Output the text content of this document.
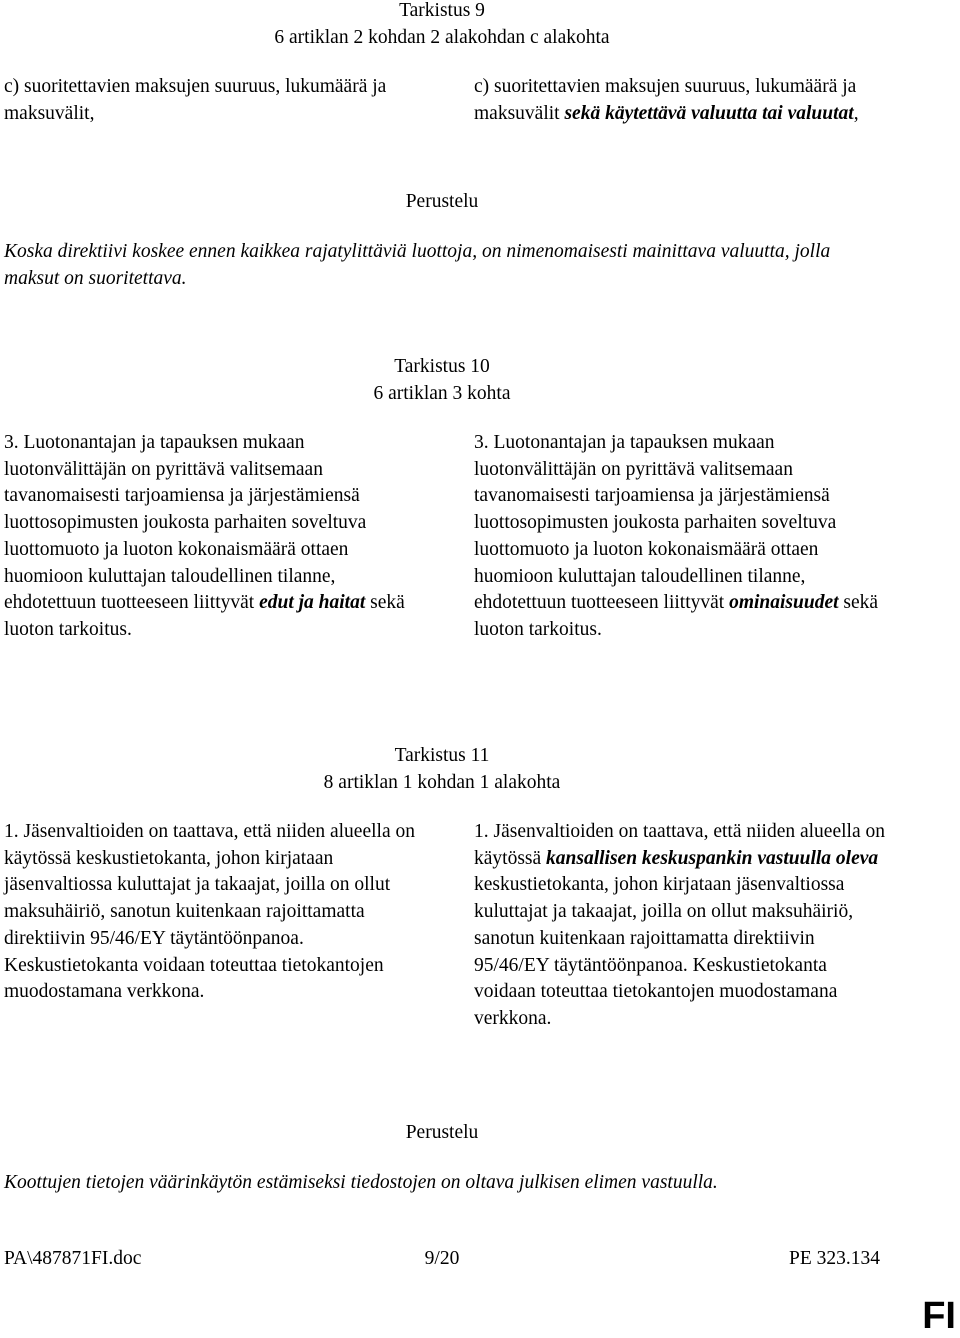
Tarkistus 9
6 artiklan 2 kohdan 2 alakohdan c alakohta
c) suoritettavien maksujen suuruus, lukumäärä ja maksuvälit,
c) suoritettavien maksujen suuruus, lukumäärä ja maksuvälit sekä käytettävä valuutta tai valuutat,
Perustelu
Koska direktiivi koskee ennen kaikkea rajatylittäviä luottoja, on nimenomaisesti mainittava valuutta, jolla maksut on suoritettava.
Tarkistus 10
6 artiklan 3 kohta
3. Luotonantajan ja tapauksen mukaan luotonvälittäjän on pyrittävä valitsemaan tavanomaisesti tarjoamiensa ja järjestämiensä luottosopimusten joukosta parhaiten soveltuva luottomuoto ja luoton kokonaismäärä ottaen huomioon kuluttajan taloudellinen tilanne, ehdotettuun tuotteeseen liittyvät edut ja haitat sekä luoton tarkoitus.
3. Luotonantajan ja tapauksen mukaan luotonvälittäjän on pyrittävä valitsemaan tavanomaisesti tarjoamiensa ja järjestämiensä luottosopimusten joukosta parhaiten soveltuva luottomuoto ja luoton kokonaismäärä ottaen huomioon kuluttajan taloudellinen tilanne, ehdotettuun tuotteeseen liittyvät ominaisuudet sekä luoton tarkoitus.
Tarkistus 11
8 artiklan 1 kohdan 1 alakohta
1. Jäsenvaltioiden on taattava, että niiden alueella on käytössä keskustietokanta, johon kirjataan jäsenvaltiossa kuluttajat ja takaajat, joilla on ollut maksuhäiriö, sanotun kuitenkaan rajoittamatta direktiivin 95/46/EY täytäntöönpanoa. Keskustietokanta voidaan toteuttaa tietokantojen muodostamana verkkona.
1. Jäsenvaltioiden on taattava, että niiden alueella on käytössä kansallisen keskuspankin vastuulla oleva keskustietokanta, johon kirjataan jäsenvaltiossa kuluttajat ja takaajat, joilla on ollut maksuhäiriö, sanotun kuitenkaan rajoittamatta direktiivin 95/46/EY täytäntöönpanoa. Keskustietokanta voidaan toteuttaa tietokantojen muodostamana verkkona.
Perustelu
Koottujen tietojen väärinkäytön estämiseksi tiedostojen on oltava julkisen elimen vastuulla.
PA\487871FI.doc	9/20	PE 323.134
FI
